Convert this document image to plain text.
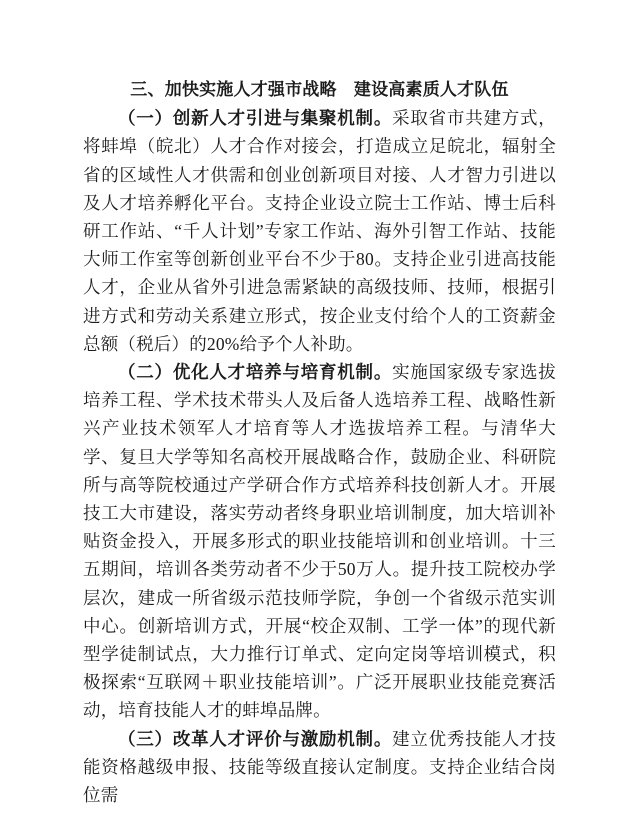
三、加快实施人才强市战略　建设高素质人才队伍

（一）创新人才引进与集聚机制。采取省市共建方式，将蚌埠（皖北）人才合作对接会，打造成立足皖北，辐射全省的区域性人才供需和创业创新项目对接、人才智力引进以及人才培养孵化平台。支持企业设立院士工作站、博士后科研工作站、“千人计划”专家工作站、海外引智工作站、技能大师工作室等创新创业平台不少于80。支持企业引进高技能人才，企业从省外引进急需紧缺的高级技师、技师，根据引进方式和劳动关系建立形式，按企业支付给个人的工资薪金总额（税后）的20%给予个人补助。

（二）优化人才培养与培育机制。实施国家级专家选拔培养工程、学术技术带头人及后备人选培养工程、战略性新兴产业技术领军人才培育等人才选拔培养工程。与清华大学、复旦大学等知名高校开展战略合作，鼓励企业、科研院所与高等院校通过产学研合作方式培养科技创新人才。开展技工大市建设，落实劳动者终身职业培训制度，加大培训补贴资金投入，开展多形式的职业技能培训和创业培训。十三五期间，培训各类劳动者不少于50万人。提升技工院校办学层次，建成一所省级示范技师学院，争创一个省级示范实训中心。创新培训方式，开展“校企双制、工学一体”的现代新型学徒制试点，大力推行订单式、定向定岗等培训模式，积极探索“互联网＋职业技能培训”。广泛开展职业技能竞赛活动，培育技能人才的蚌埠品牌。

（三）改革人才评价与激励机制。建立优秀技能人才技能资格越级申报、技能等级直接认定制度。支持企业结合岗位需
